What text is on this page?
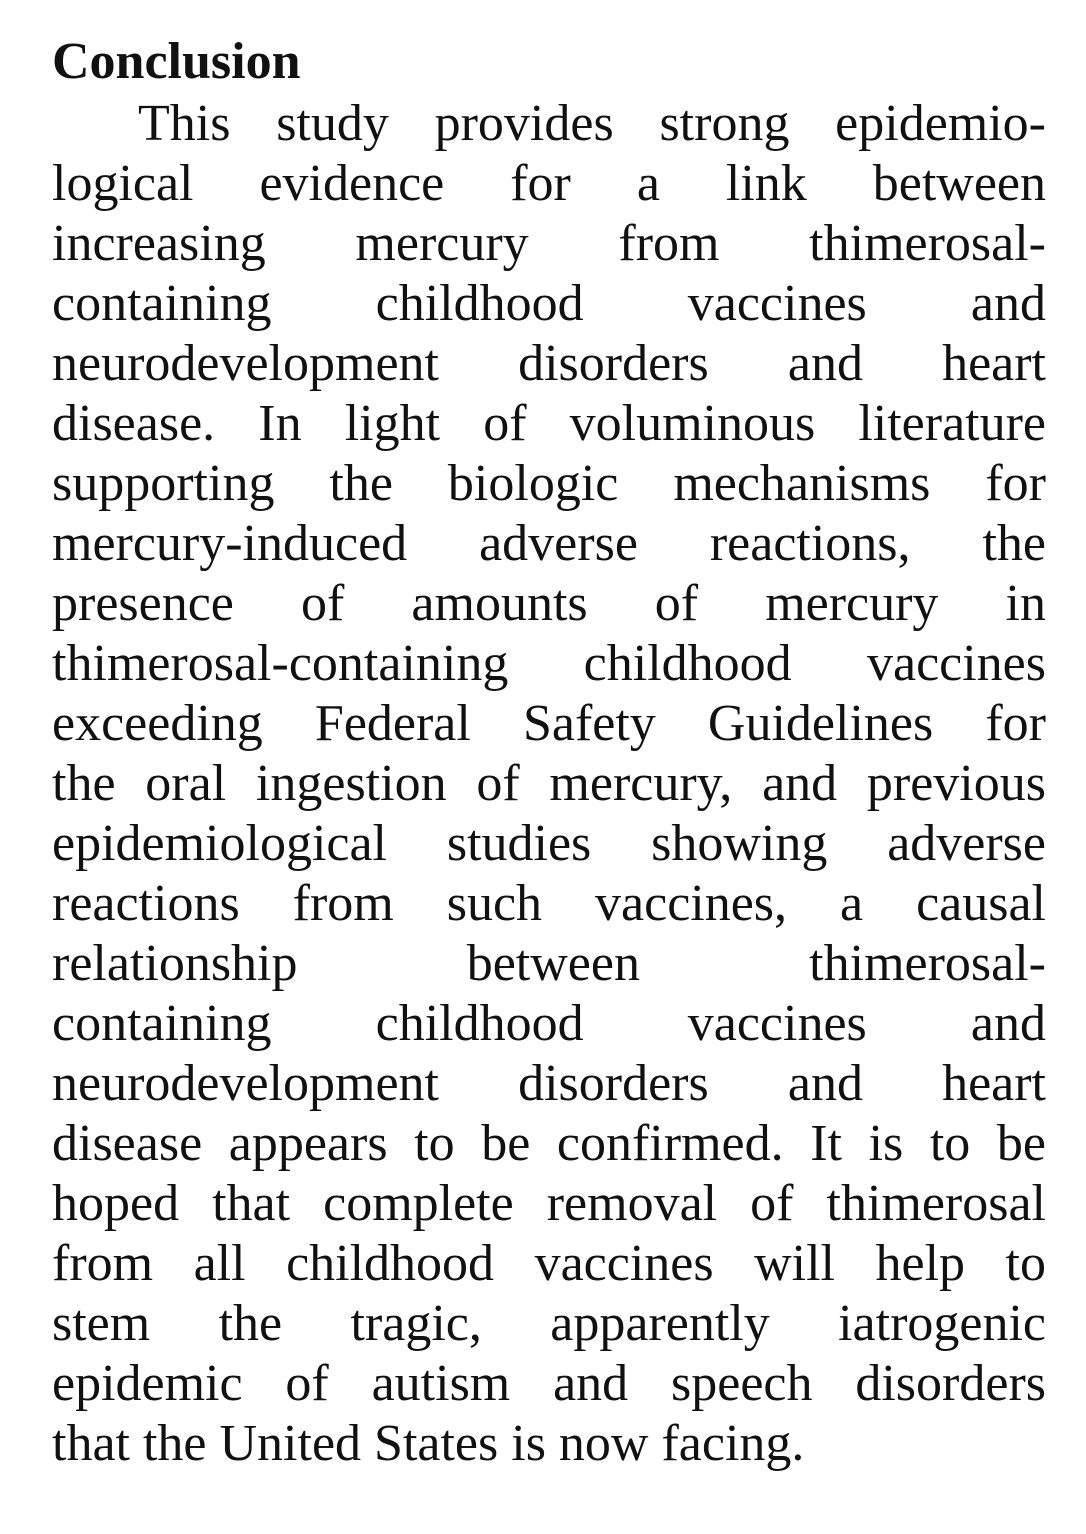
Conclusion
This study provides strong epidemio-
logical evidence for a link between
increasing mercury from thimerosal-
containing childhood vaccines and
neurodevelopment disorders and heart
disease. In light of voluminous literature
supporting the biologic mechanisms for
mercury-induced adverse reactions, the
presence of amounts of mercury in
thimerosal-containing childhood vaccines
exceeding Federal Safety Guidelines for
the oral ingestion of mercury, and previous
epidemiological studies showing adverse
reactions from such vaccines, a causal
relationship between thimerosal-
containing childhood vaccines and
neurodevelopment disorders and heart
disease appears to be confirmed. It is to be
hoped that complete removal of thimerosal
from all childhood vaccines will help to
stem the tragic, apparently iatrogenic
epidemic of autism and speech disorders
that the United States is now facing.
